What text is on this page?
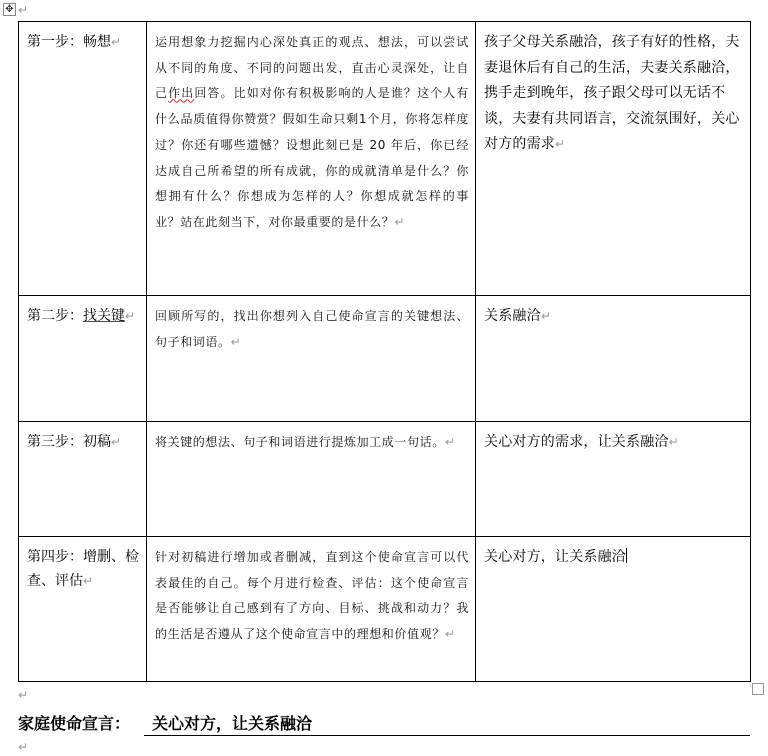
✥ ↵
第一步：畅想↵	运用想象力挖掘内心深处真正的观点、想法，可以尝试从不同的角度、不同的问题出发，直击心灵深处，让自己作出回答。比如对你有积极影响的人是谁？这个人有什么品质值得你赞赏？假如生命只剩1个月，你将怎样度过？你还有哪些遗憾？设想此刻已是 20 年后，你已经达成自己所希望的所有成就，你的成就清单是什么？你想拥有什么？你想成为怎样的人？你想成就怎样的事业？站在此刻当下，对你最重要的是什么？↵	孩子父母关系融洽，孩子有好的性格，夫妻退休后有自己的生活，夫妻关系融洽，携手走到晚年，孩子跟父母可以无话不谈，夫妻有共同语言，交流氛围好，关心对方的需求↵

第二步：找关键↵	回顾所写的，找出你想列入自己使命宣言的关键想法、句子和词语。↵	关系融洽↵

第三步：初稿↵	将关键的想法、句子和词语进行提炼加工成一句话。↵	关心对方的需求，让关系融洽↵

第四步：增删、检查、评估↵	针对初稿进行增加或者删减，直到这个使命宣言可以代表最佳的自己。每个月进行检查、评估：这个使命宣言是否能够让自己感到有了方向、目标、挑战和动力？我的生活是否遵从了这个使命宣言中的理想和价值观？↵	关心对方，让关系融洽
↵
家庭使命宣言：	关心对方，让关系融洽
↵
